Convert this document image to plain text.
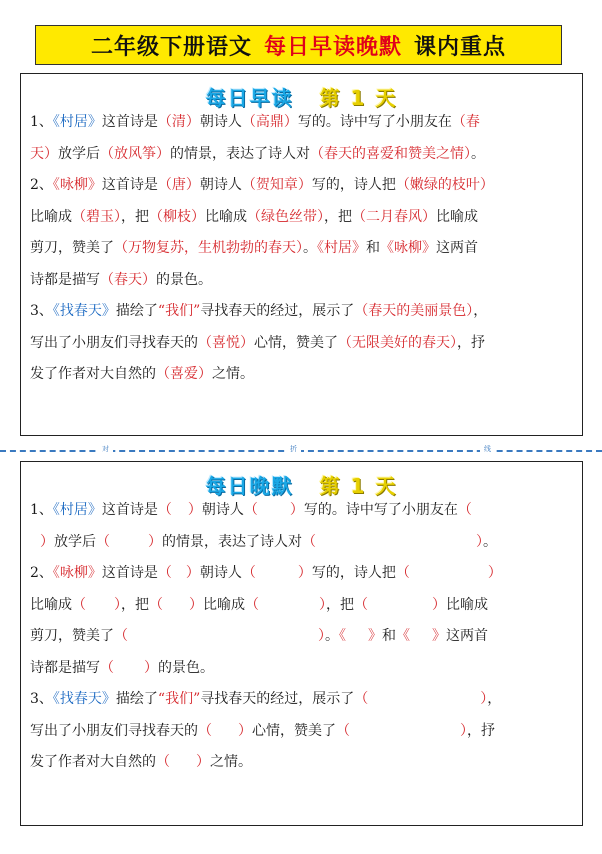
二年级下册语文 每日早读晚默 课内重点
每日早读 第 1 天
1、《村居》这首诗是（清）朝诗人（高鼎）写的。诗中写了小朋友在（春
天）放学后（放风筝）的情景，表达了诗人对（春天的喜爱和赞美之情）。
2、《咏柳》这首诗是（唐）朝诗人（贺知章）写的，诗人把（嫩绿的枝叶）
比喻成（碧玉），把（柳枝）比喻成（绿色丝带），把（二月春风）比喻成
剪刀，赞美了（万物复苏，生机勃勃的春天）。《村居》和《咏柳》这两首
诗都是描写（春天）的景色。
3、《找春天》描绘了“我们”寻找春天的经过，展示了（春天的美丽景色），
写出了小朋友们寻找春天的（喜悦）心情，赞美了（无限美好的春天），抒
发了作者对大自然的（喜爱）之情。
对	折	线
每日晚默 第 1 天
1、《村居》这首诗是（ ）朝诗人（ ）写的。诗中写了小朋友在（
）放学后（	）的情景，表达了诗人对（	）。
2、《咏柳》这首诗是（ ）朝诗人（	）写的，诗人把（	）
比喻成（ ），把（ ）比喻成（	），把（	）比喻成
剪刀，赞美了（	）。《 》和《 》这两首
诗都是描写（ ）的景色。
3、《找春天》描绘了“我们”寻找春天的经过，展示了（	），
写出了小朋友们寻找春天的（ ）心情，赞美了（	），抒
发了作者对大自然的（ ）之情。
